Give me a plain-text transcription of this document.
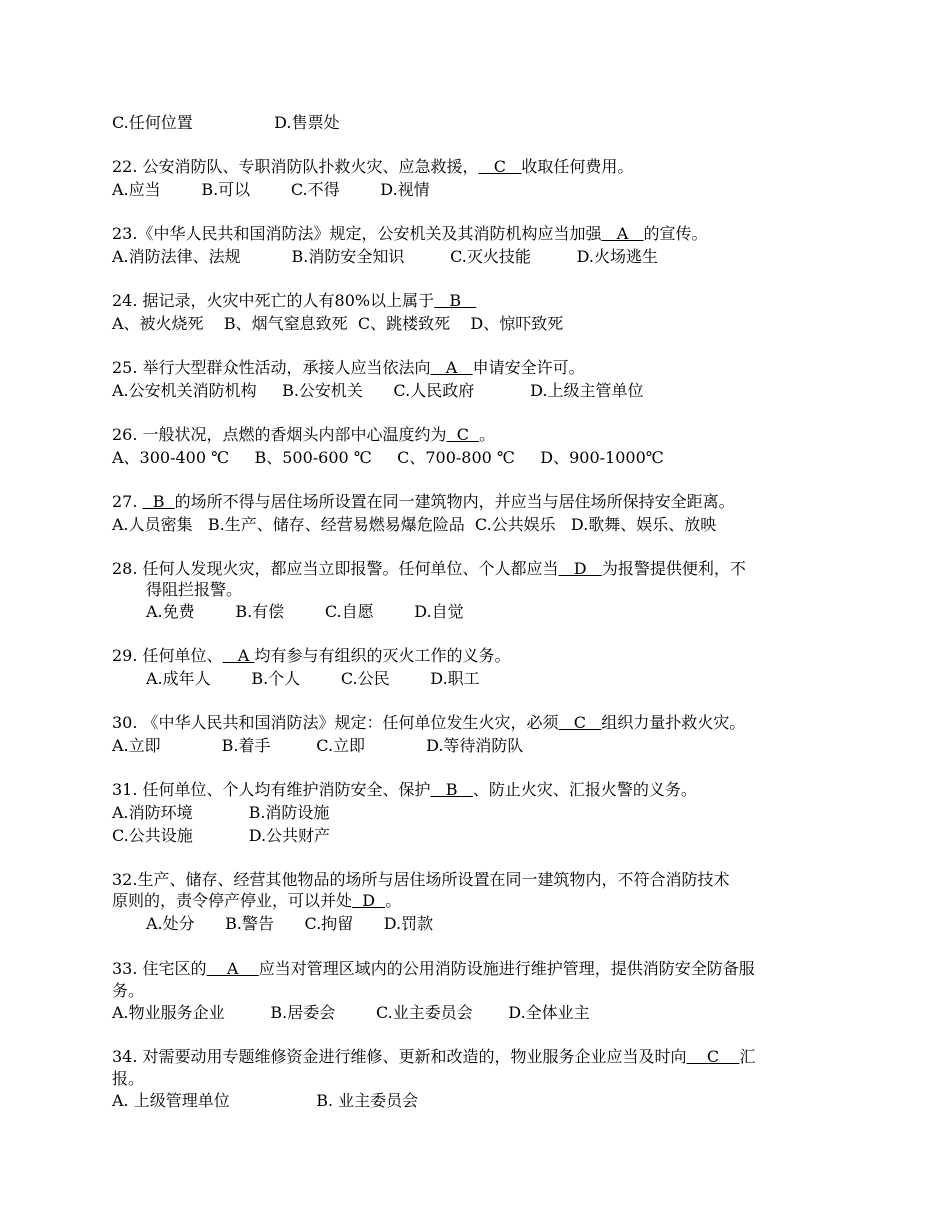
C.任何位置                D.售票处
22. 公安消防队、专职消防队扑救火灾、应急救援，   C   收取任何费用。
A.应当        B.可以        C.不得        D.视情
23.《中华人民共和国消防法》规定，公安机关及其消防机构应当加强   A   的宣传。
A.消防法律、法规          B.消防安全知识         C.灭火技能         D.火场逃生
24. 据记录，火灾中死亡的人有80%以上属于   B
A、被火烧死    B、烟气窒息致死  C、跳楼致死    D、惊吓致死
25. 举行大型群众性活动，承接人应当依法向   A   申请安全许可。
A.公安机关消防机构     B.公安机关      C.人民政府           D.上级主管单位
26. 一般状况，点燃的香烟头内部中心温度约为  C  。
A、300-400 ℃     B、500-600 ℃     C、700-800 ℃     D、900-1000℃
27.   B  的场所不得与居住场所设置在同一建筑物内，并应当与居住场所保持安全距离。
A.人员密集   B.生产、储存、经营易燃易爆危险品  C.公共娱乐   D.歌舞、娱乐、放映
28. 任何人发现火灾，都应当立即报警。任何单位、个人都应当   D   为报警提供便利，不
得阻拦报警。
A.免费        B.有偿        C.自愿        D.自觉
29. 任何单位、   A 均有参与有组织的灭火工作的义务。
A.成年人        B.个人        C.公民        D.职工
30. 《中华人民共和国消防法》规定：任何单位发生火灾，必须   C   组织力量扑救火灾。
A.立即            B.着手         C.立即            D.等待消防队
31. 任何单位、个人均有维护消防安全、保护   B   、防止火灾、汇报火警的义务。
A.消防环境           B.消防设施
C.公共设施           D.公共财产
32.生产、储存、经营其他物品的场所与居住场所设置在同一建筑物内，不符合消防技术
原则的，责令停产停业，可以并处  D  。
A.处分      B.警告      C.拘留      D.罚款
33. 住宅区的    A    应当对管理区域内的公用消防设施进行维护管理，提供消防安全防备服
务。
A.物业服务企业         B.居委会        C.业主委员会       D.全体业主
34. 对需要动用专题维修资金进行维修、更新和改造的，物业服务企业应当及时向    C    汇
报。
A. 上级管理单位                 B. 业主委员会
